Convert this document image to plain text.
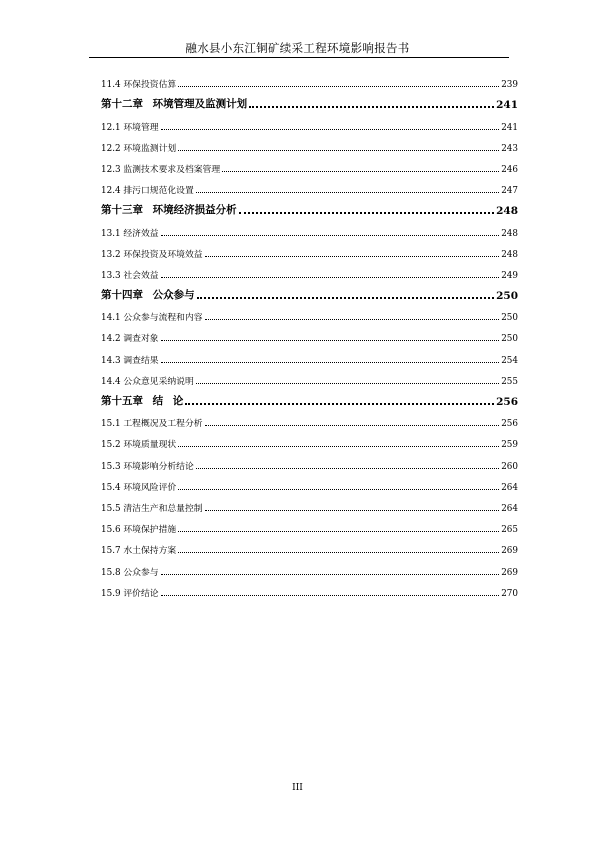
融水县小东江铜矿续采工程环境影响报告书
11.4 环保投资估算	239
第十二章 环境管理及监测计划	241
12.1 环境管理	241
12.2 环境监测计划	243
12.3 监测技术要求及档案管理	246
12.4 排污口规范化设置	247
第十三章 环境经济损益分析	248
13.1 经济效益	248
13.2 环保投资及环境效益	248
13.3 社会效益	249
第十四章 公众参与	250
14.1 公众参与流程和内容	250
14.2 调查对象	250
14.3 调查结果	254
14.4 公众意见采纳说明	255
第十五章 结 论	256
15.1 工程概况及工程分析	256
15.2 环境质量现状	259
15.3 环境影响分析结论	260
15.4 环境风险评价	264
15.5 清洁生产和总量控制	264
15.6 环境保护措施	265
15.7 水土保持方案	269
15.8 公众参与	269
15.9 评价结论	270
III
